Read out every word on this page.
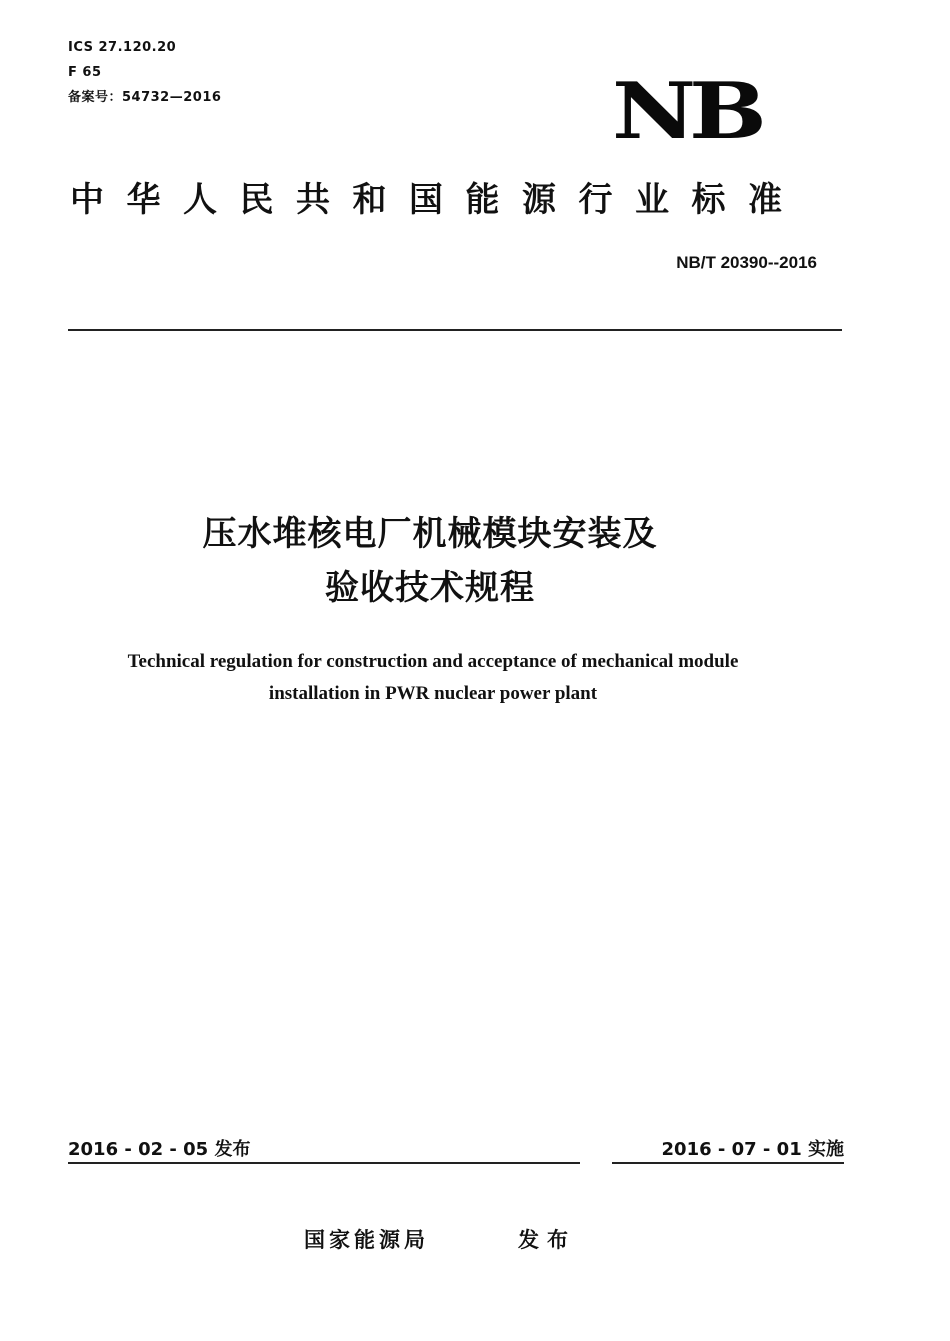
ICS 27.120.20
F 65
备案号：54732—2016	NB
中华人民共和国能源行业标准
NB/T 20390--2016
压水堆核电厂机械模块安装及
验收技术规程
Technical regulation for construction and acceptance of mechanical module
installation in PWR nuclear power plant
2016 - 02 - 05 发布	2016 - 07 - 01 实施
国家能源局	发布
